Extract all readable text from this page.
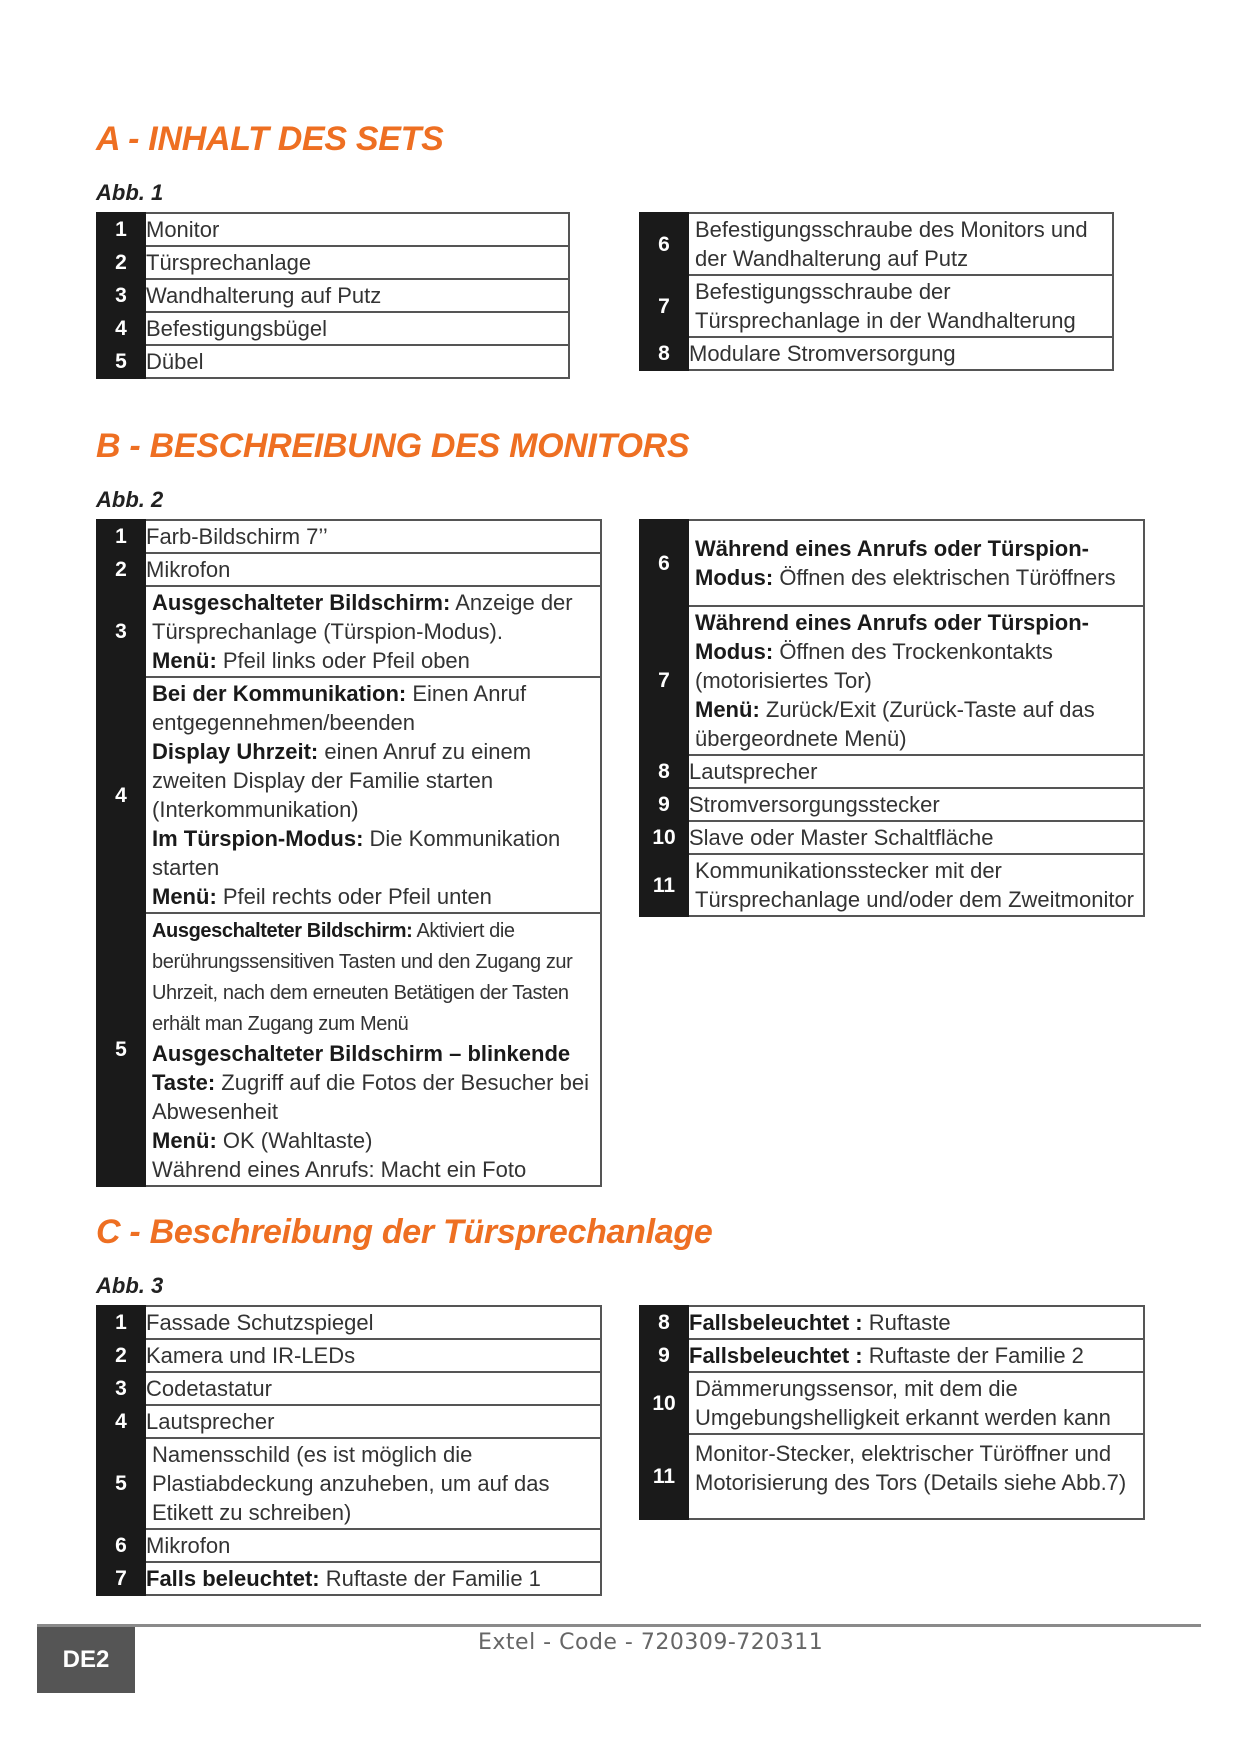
A - INHALT DES SETS
Abb. 1
1	Monitor
2	Türsprechanlage
3	Wandhalterung auf Putz
4	Befestigungsbügel
5	Dübel
6	Befestigungsschraube des Monitors und der Wandhalterung auf Putz
7	Befestigungsschraube der Türsprechanlage in der Wandhalterung
8	Modulare Stromversorgung
B - BESCHREIBUNG DES MONITORS
Abb. 2
1	Farb-Bildschirm 7’’
2	Mikrofon
3	Ausgeschalteter Bildschirm: Anzeige der Türsprechanlage (Türspion-Modus).
Menü: Pfeil links oder Pfeil oben
4	Bei der Kommunikation: Einen Anruf entgegennehmen/beenden
Display Uhrzeit: einen Anruf zu einem zweiten Display der Familie starten (Interkommunikation)
Im Türspion-Modus: Die Kommunikation starten
Menü: Pfeil rechts oder Pfeil unten
5	Ausgeschalteter Bildschirm: Aktiviert die berührungssensitiven Tasten und den Zugang zur Uhrzeit, nach dem erneuten Betätigen der Tasten erhält man Zugang zum Menü
Ausgeschalteter Bildschirm – blinkende Taste: Zugriff auf die Fotos der Besucher bei Abwesenheit
Menü: OK (Wahltaste)
Während eines Anrufs: Macht ein Foto
6	Während eines Anrufs oder Türspion-Modus: Öffnen des elektrischen Türöffners
7	Während eines Anrufs oder Türspion-Modus: Öffnen des Trockenkontakts (motorisiertes Tor)
Menü: Zurück/Exit (Zurück-Taste auf das übergeordnete Menü)
8	Lautsprecher
9	Stromversorgungsstecker
10	Slave oder Master Schaltfläche
11	Kommunikationsstecker mit der Türsprechanlage und/oder dem Zweitmonitor
C - Beschreibung der Türsprechanlage
Abb. 3
1	Fassade Schutzspiegel
2	Kamera und IR-LEDs
3	Codetastatur
4	Lautsprecher
5	Namensschild (es ist möglich die Plastiabdeckung anzuheben, um auf das Etikett zu schreiben)
6	Mikrofon
7	Falls beleuchtet: Ruftaste der Familie 1
8	Fallsbeleuchtet : Ruftaste
9	Fallsbeleuchtet : Ruftaste der Familie 2
10	Dämmerungssensor, mit dem die Umgebungshelligkeit erkannt werden kann
11	Monitor-Stecker, elektrischer Türöffner und Motorisierung des Tors (Details siehe Abb.7)
DE2
Extel - Code - 720309-720311
